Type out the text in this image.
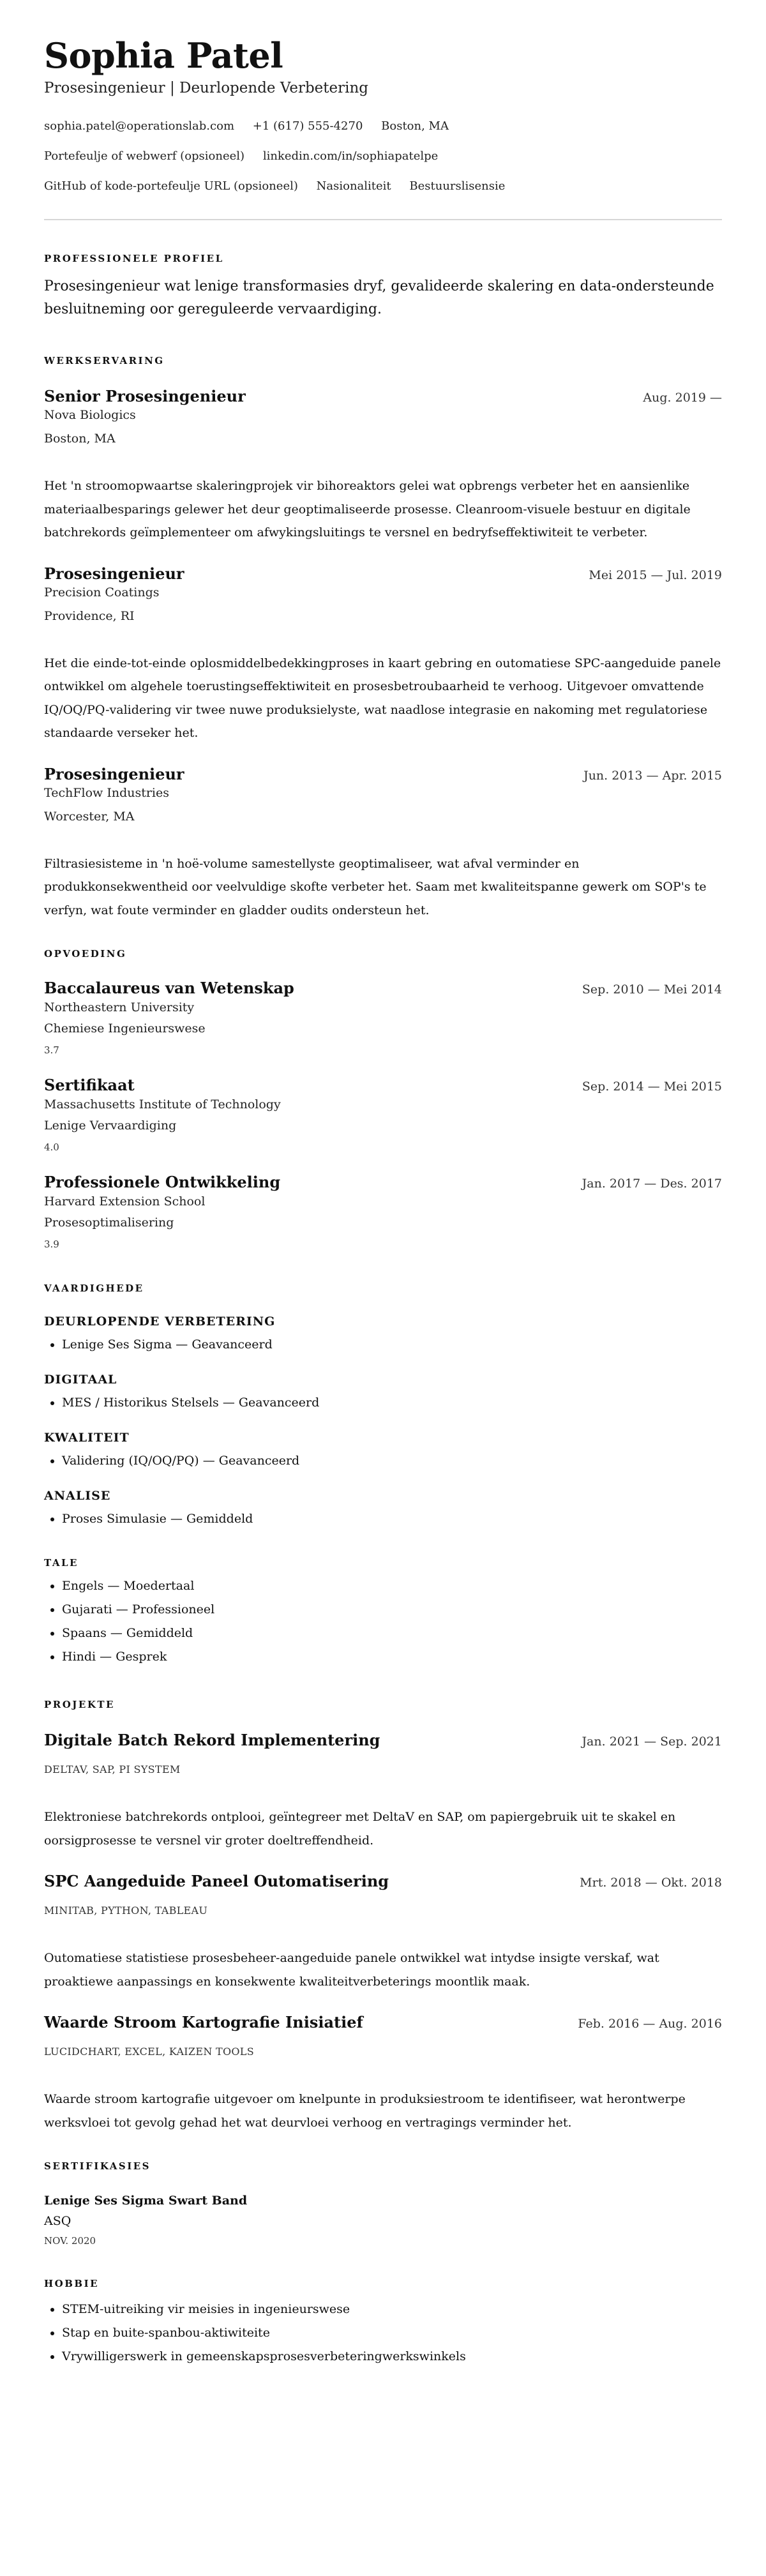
Sophia Patel
Prosesingenieur | Deurlopende Verbetering
sophia.patel@operationslab.com +1 (617) 555-4270 Boston, MA
Portefeulje of webwerf (opsioneel) linkedin.com/in/sophiapatelpe
GitHub of kode-portefeulje URL (opsioneel) Nasionaliteit Bestuurslisensie
PROFESSIONELE PROFIEL
Prosesingenieur wat lenige transformasies dryf, gevalideerde skalering en data-ondersteunde besluitneming oor gereguleerde vervaardiging.
WERKSERVARING
Senior Prosesingenieur	Aug. 2019 —
Nova Biologics
Boston, MA
Het 'n stroomopwaartse skaleringprojek vir bihoreaktors gelei wat opbrengs verbeter het en aansienlike materiaalbesparings gelewer het deur geoptimaliseerde prosesse. Cleanroom-visuele bestuur en digitale batchrekords geïmplementeer om afwykingsluitings te versnel en bedryfseffektiwiteit te verbeter.
Prosesingenieur	Mei 2015 — Jul. 2019
Precision Coatings
Providence, RI
Het die einde-tot-einde oplosmiddelbedekkingproses in kaart gebring en outomatiese SPC-aangeduide panele ontwikkel om algehele toerustingseffektiwiteit en prosesbetroubaarheid te verhoog. Uitgevoer omvattende IQ/OQ/PQ-validering vir twee nuwe produksielyste, wat naadlose integrasie en nakoming met regulatoriese standaarde verseker het.
Prosesingenieur	Jun. 2013 — Apr. 2015
TechFlow Industries
Worcester, MA
Filtrasiesisteme in 'n hoë-volume samestellyste geoptimaliseer, wat afval verminder en produkkonsekwentheid oor veelvuldige skofte verbeter het. Saam met kwaliteitspanne gewerk om SOP's te verfyn, wat foute verminder en gladder oudits ondersteun het.
OPVOEDING
Baccalaureus van Wetenskap	Sep. 2010 — Mei 2014
Northeastern University
Chemiese Ingenieurswese
3.7
Sertifikaat	Sep. 2014 — Mei 2015
Massachusetts Institute of Technology
Lenige Vervaardiging
4.0
Professionele Ontwikkeling	Jan. 2017 — Des. 2017
Harvard Extension School
Prosesoptimalisering
3.9
VAARDIGHEDE
DEURLOPENDE VERBETERING
• Lenige Ses Sigma — Geavanceerd
DIGITAAL
• MES / Historikus Stelsels — Geavanceerd
KWALITEIT
• Validering (IQ/OQ/PQ) — Geavanceerd
ANALISE
• Proses Simulasie — Gemiddeld
TALE
• Engels — Moedertaal
• Gujarati — Professioneel
• Spaans — Gemiddeld
• Hindi — Gesprek
PROJEKTE
Digitale Batch Rekord Implementering	Jan. 2021 — Sep. 2021
DELTAV, SAP, PI SYSTEM
Elektroniese batchrekords ontplooi, geïntegreer met DeltaV en SAP, om papiergebruik uit te skakel en oorsigprosesse te versnel vir groter doeltreffendheid.
SPC Aangeduide Paneel Outomatisering	Mrt. 2018 — Okt. 2018
MINITAB, PYTHON, TABLEAU
Outomatiese statistiese prosesbeheer-aangeduide panele ontwikkel wat intydse insigte verskaf, wat proaktiewe aanpassings en konsekwente kwaliteitverbeterings moontlik maak.
Waarde Stroom Kartografie Inisiatief	Feb. 2016 — Aug. 2016
LUCIDCHART, EXCEL, KAIZEN TOOLS
Waarde stroom kartografie uitgevoer om knelpunte in produksiestroom te identifiseer, wat herontwerpe werksvloei tot gevolg gehad het wat deurvloei verhoog en vertragings verminder het.
SERTIFIKASIES
Lenige Ses Sigma Swart Band
ASQ
NOV. 2020
HOBBIE
• STEM-uitreiking vir meisies in ingenieurswese
• Stap en buite-spanbou-aktiwiteite
• Vrywilligerswerk in gemeenskapsprosesverbeteringwerkswinkels
